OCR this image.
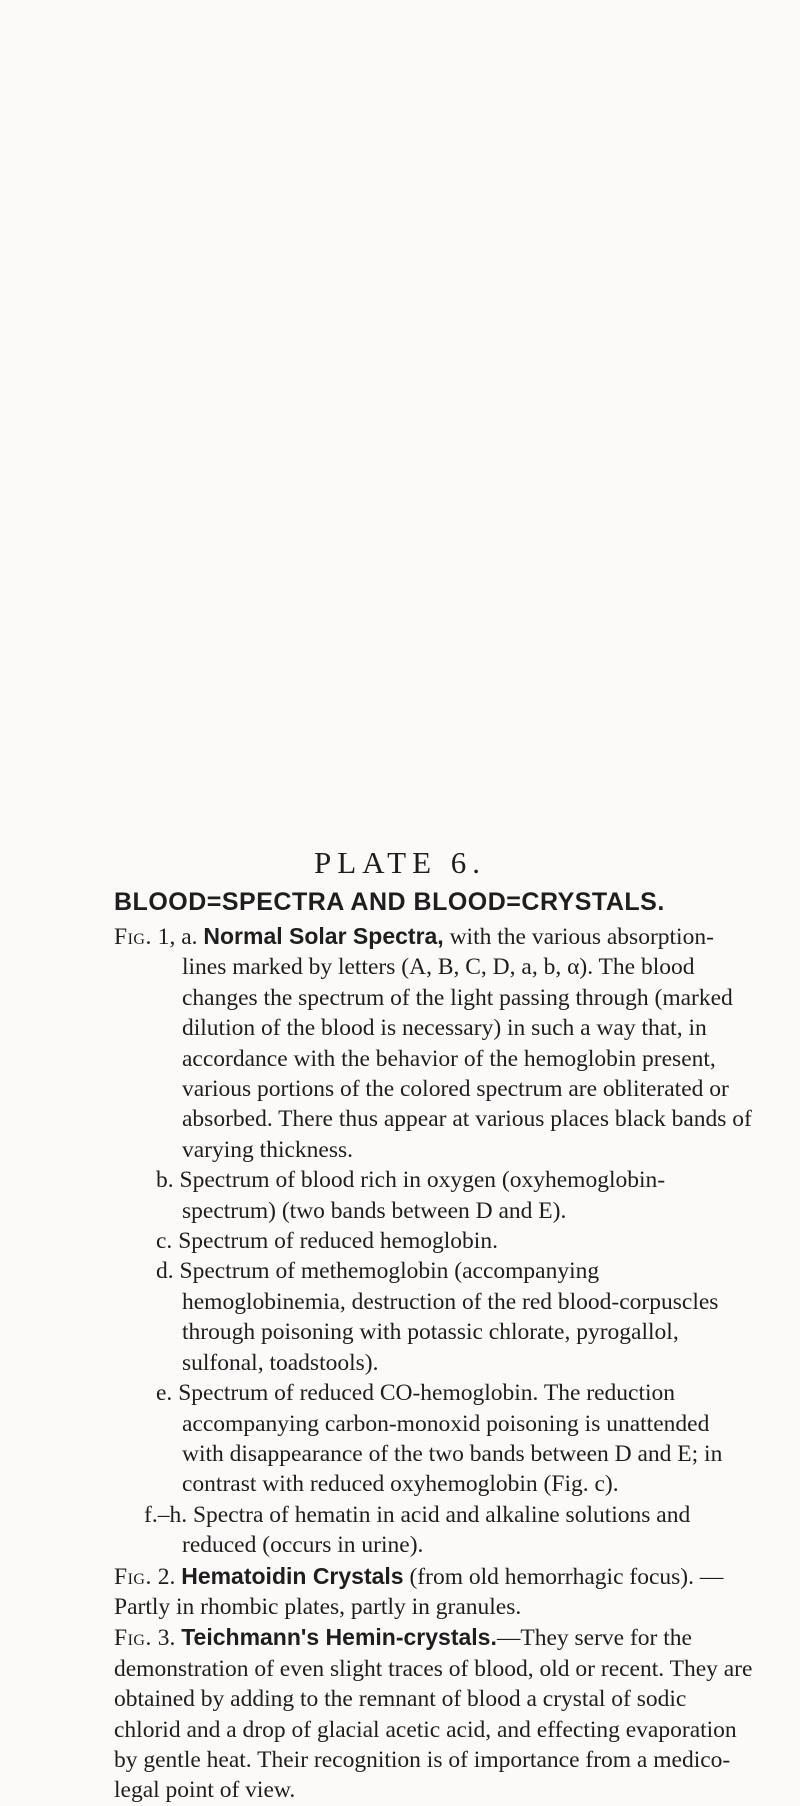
PLATE 6.
BLOOD=SPECTRA AND BLOOD=CRYSTALS.

Fig. 1, a. Normal Solar Spectra, with the various absorption-lines marked by letters (A, B, C, D, a, b, α). The blood changes the spectrum of the light passing through (marked dilution of the blood is necessary) in such a way that, in accordance with the behavior of the hemoglobin present, various portions of the colored spectrum are obliterated or absorbed. There thus appear at various places black bands of varying thickness.

b. Spectrum of blood rich in oxygen (oxyhemoglobin-spectrum) (two bands between D and E).

c. Spectrum of reduced hemoglobin.

d. Spectrum of methemoglobin (accompanying hemoglobinemia, destruction of the red blood-corpuscles through poisoning with potassic chlorate, pyrogallol, sulfonal, toadstools).

e. Spectrum of reduced CO-hemoglobin. The reduction accompanying carbon-monoxid poisoning is unattended with disappearance of the two bands between D and E; in contrast with reduced oxyhemoglobin (Fig. c).

f.–h. Spectra of hematin in acid and alkaline solutions and reduced (occurs in urine).

Fig. 2. Hematoidin Crystals (from old hemorrhagic focus). —Partly in rhombic plates, partly in granules.

Fig. 3. Teichmann's Hemin-crystals.—They serve for the demonstration of even slight traces of blood, old or recent. They are obtained by adding to the remnant of blood a crystal of sodic chlorid and a drop of glacial acetic acid, and effecting evaporation by gentle heat. Their recognition is of importance from a medico-legal point of view.
